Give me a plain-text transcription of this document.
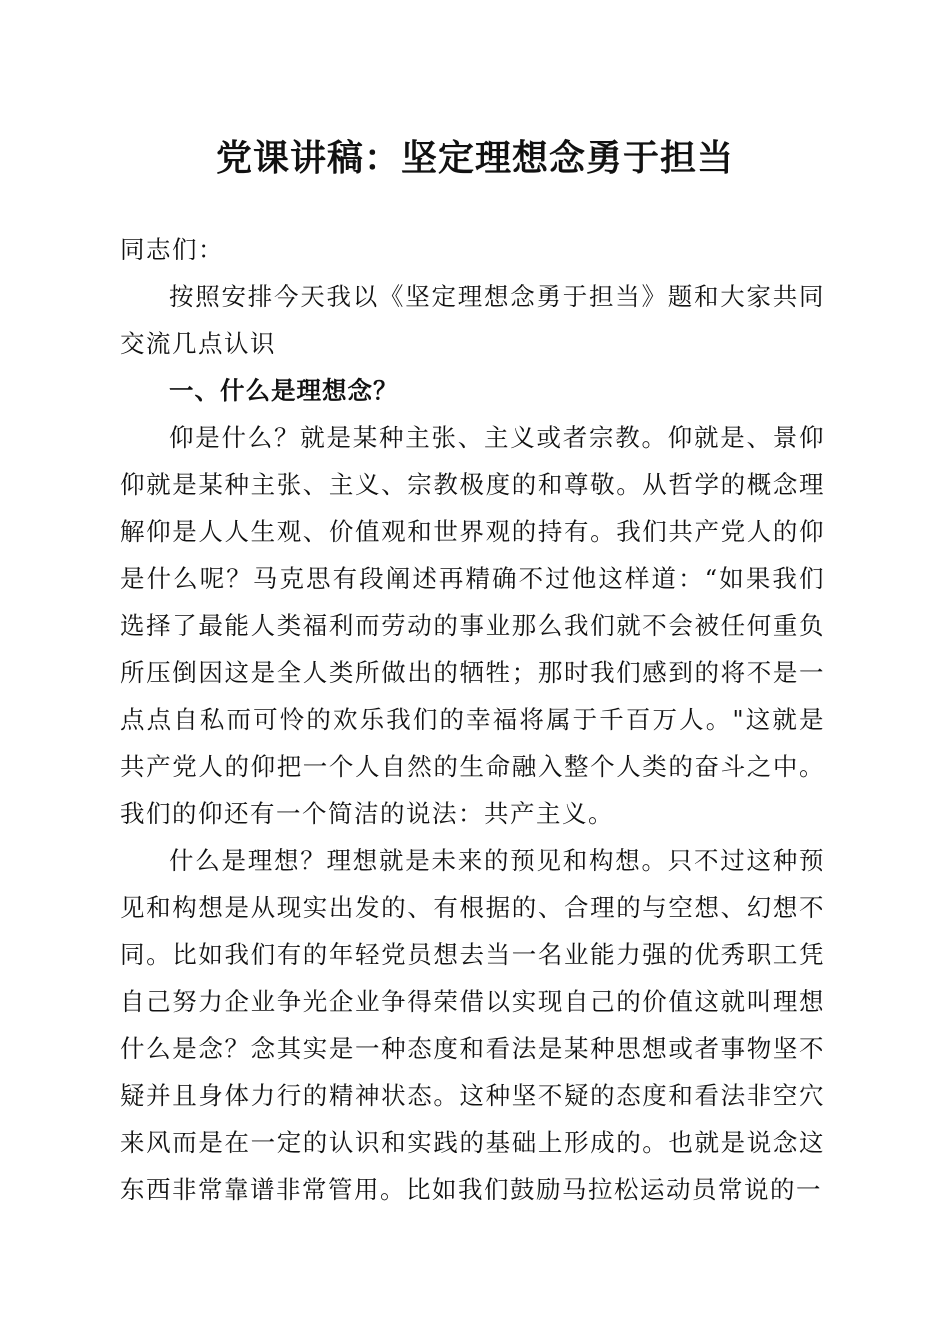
党课讲稿：坚定理想念勇于担当

同志们：

按照安排今天我以《坚定理想念勇于担当》题和大家共同交流几点认识

一、什么是理想念？

仰是什么？就是某种主张、主义或者宗教。仰就是、景仰仰就是某种主张、主义、宗教极度的和尊敬。从哲学的概念理解仰是人人生观、价值观和世界观的持有。我们共产党人的仰是什么呢？马克思有段阐述再精确不过他这样道：“如果我们选择了最能人类福利而劳动的事业那么我们就不会被任何重负所压倒因这是全人类所做出的牺牲；那时我们感到的将不是一点点自私而可怜的欢乐我们的幸福将属于千百万人。"这就是共产党人的仰把一个人自然的生命融入整个人类的奋斗之中。我们的仰还有一个简洁的说法：共产主义。

什么是理想？理想就是未来的预见和构想。只不过这种预见和构想是从现实出发的、有根据的、合理的与空想、幻想不同。比如我们有的年轻党员想去当一名业能力强的优秀职工凭自己努力企业争光企业争得荣借以实现自己的价值这就叫理想什么是念？念其实是一种态度和看法是某种思想或者事物坚不疑并且身体力行的精神状态。这种坚不疑的态度和看法非空穴来风而是在一定的认识和实践的基础上形成的。也就是说念这东西非常靠谱非常管用。比如我们鼓励马拉松运动员常说的一
